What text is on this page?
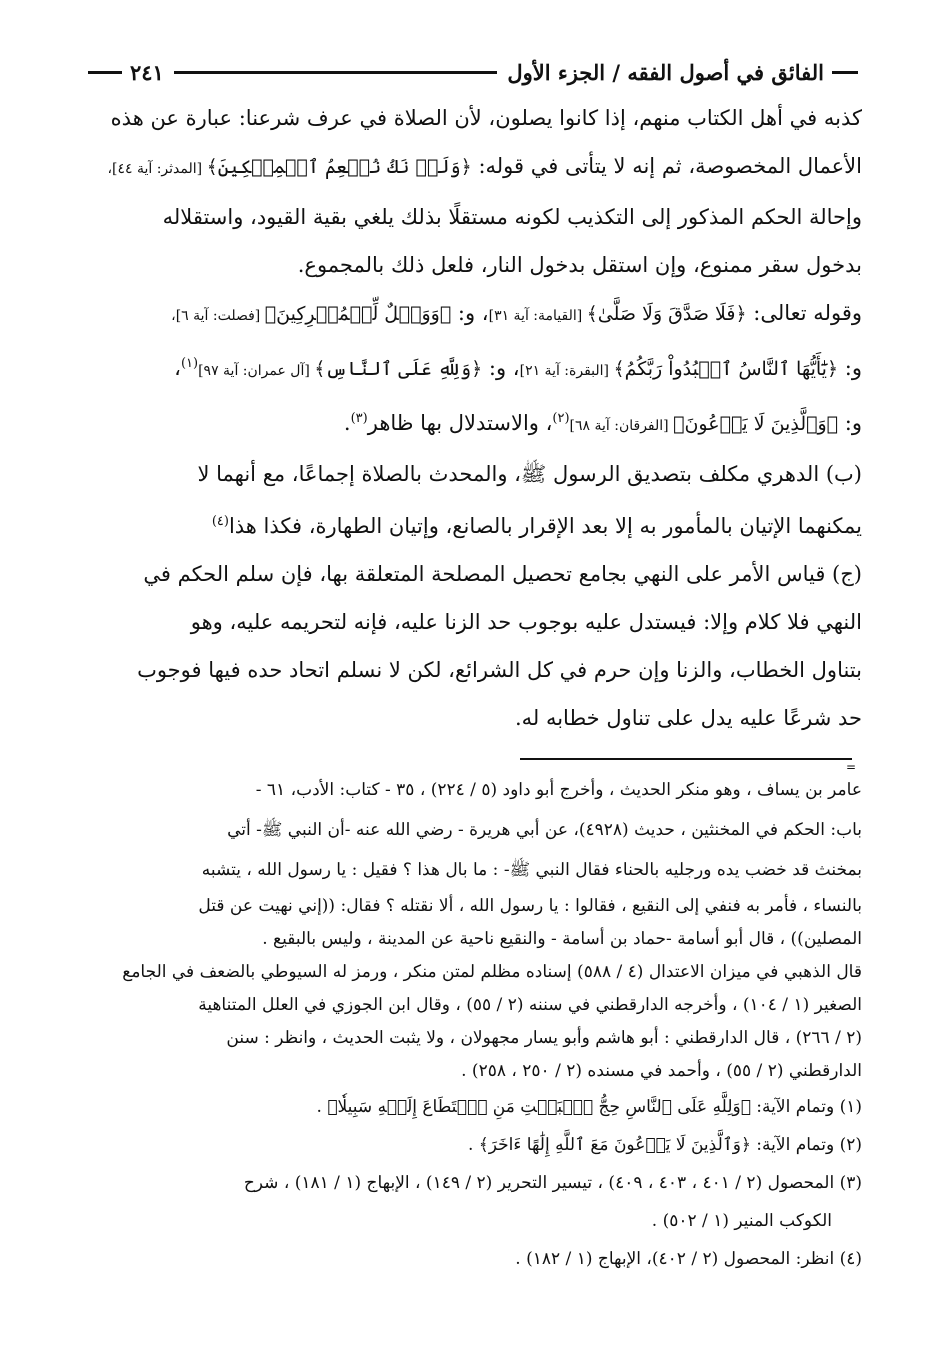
الفائق في أصول الفقه / الجزء الأول
٢٤١

كذبه في أهل الكتاب منهم، إذا كانوا يصلون، لأن الصلاة في عرف شرعنا: عبارة عن هذه

الأعمال المخصوصة، ثم إنه لا يتأتى في قوله: ﴿وَلَمۡ نَكُ نُطۡعِمُ ٱلۡمِسۡكِينَ﴾ [المدثر: آية ٤٤]،

وإحالة الحكم المذكور إلى التكذيب لكونه مستقلًا بذلك يلغي بقية القيود، واستقلاله

بدخول سقر ممنوع، وإن استقل بدخول النار، فلعل ذلك بالمجموع.

وقوله تعالى: ﴿فَلَا صَدَّقَ وَلَا صَلَّىٰ﴾ [القيامة: آية ٣١]، و: ﴿وَوَيۡلٌ لِّلۡمُشۡرِكِينَ﴾ [فصلت: آية ٦]،

و: ﴿يَٰٓأَيُّهَا ٱلنَّاسُ ٱعۡبُدُواْ رَبَّكُمُ﴾ [البقرة: آية ٢١]، و: ﴿وَلِلَّهِ عَلَى ٱلنَّاسِ﴾ [آل عمران: آية ٩٧]$^{(١)}$،

و: ﴿وَٱلَّذِينَ لَا يَدۡعُونَ﴾ [الفرقان: آية ٦٨]$^{(٢)}$، والاستدلال بها ظاهر$^{(٣)}$.

(ب) الدهري مكلف بتصديق الرسول ﷺ، والمحدث بالصلاة إجماعًا، مع أنهما لا

يمكنهما الإتيان بالمأمور به إلا بعد الإقرار بالصانع، وإتيان الطهارة، فكذا هذا$^{(٤)}$

(ج) قياس الأمر على النهي بجامع تحصيل المصلحة المتعلقة بها، فإن سلم الحكم في

النهي فلا كلام وإلا: فيستدل عليه بوجوب حد الزنا عليه، فإنه لتحريمه عليه، وهو

بتناول الخطاب، والزنا وإن حرم في كل الشرائع، لكن لا نسلم اتحاد حده فيها فوجوب

حد شرعًا عليه يدل على تناول خطابه له.

=

عامر بن يساف ، وهو منكر الحديث ، وأخرج أبو داود (٥ / ٢٢٤) ، ٣٥ - كتاب: الأدب، ٦١ -

باب: الحكم في المخنثين ، حديث (٤٩٢٨)، عن أبي هريرة - رضي الله عنه -أن النبي ﷺ- أتي

بمخنث قد خضب يده ورجليه بالحناء فقال النبي ﷺ- : ما بال هذا ؟ فقيل : يا رسول الله ، يتشبه

بالنساء ، فأمر به فنفي إلى النقيع ، فقالوا : يا رسول الله ، ألا نقتله ؟ فقال: ((إني نهيت عن قتل

المصلين)) ، قال أبو أسامة -حماد بن أسامة - والنقيع ناحية عن المدينة ، وليس بالبقيع .

قال الذهبي في ميزان الاعتدال (٤ / ٥٨٨) إسناده مظلم لمتن منكر ، ورمز له السيوطي بالضعف في الجامع

الصغير (١ / ١٠٤) ، وأخرجه الدارقطني في سننه (٢ / ٥٥) ، وقال ابن الجوزي في العلل المتناهية

(٢ / ٢٦٦) ، قال الدارقطني : أبو هاشم وأبو يسار مجهولان ، ولا يثبت الحديث ، وانظر : سنن

الدارقطني (٢ / ٥٥) ، وأحمد في مسنده (٢ / ٢٥٠ ، ٢٥٨) .

(١) وتمام الآية: ﴿وَلِلَّهِ عَلَى ٱلنَّاسِ حِجُّ ٱلۡبَيۡتِ مَنِ ٱسۡتَطَاعَ إِلَيۡهِ سَبِيلٗا﴾ .

(٢) وتمام الآية: ﴿وَٱلَّذِينَ لَا يَدۡعُونَ مَعَ ٱللَّهِ إِلَٰهًا ءَاخَرَ﴾ .

(٣) المحصول (٢ / ٤٠١ ، ٤٠٣ ، ٤٠٩) ، تيسير التحرير (٢ / ١٤٩) ، الإبهاج (١ / ١٨١) ، شرح

الكوكب المنير (١ / ٥٠٢) .

(٤) انظر: المحصول (٢ / ٤٠٢)، الإبهاج (١ / ١٨٢) .
